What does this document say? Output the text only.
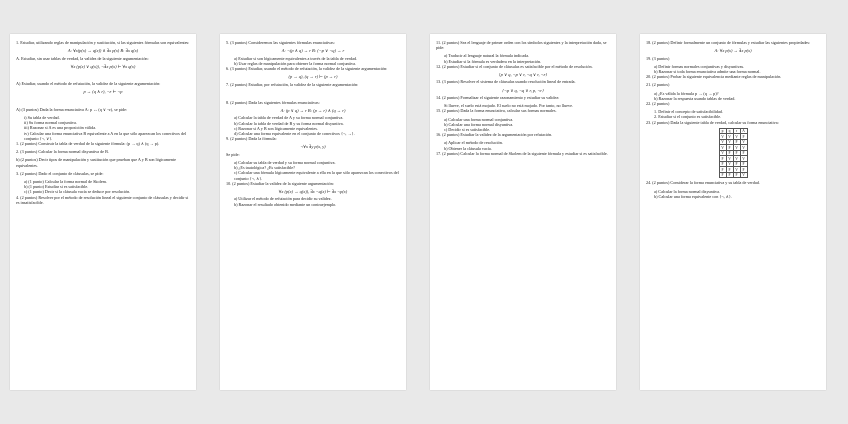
1. Estudiar, utilizando reglas de manipulación y sustitución, si las siguientes fórmulas son equivalentes:
A: ∀x(p(x) → q(x)) ∧ ∃x p(x) B: ∃x q(x)
A. Estudiar, sin usar tablas de verdad, la validez de la siguiente argumentación:
∀x (p(x) ∨ q(x)), ¬∃x p(x) ⊢ ∀x q(x)
A) Estudiar, usando el método de refutación, la validez de la siguiente argumentación:
p → (q ∧ r), ¬r ⊢ ¬p
A) (3 puntos) Dada la forma enunciativa A: p ↔ (q ∨ ¬r), se pide:
i) Su tabla de verdad.
ii) Su forma normal conjuntiva.
iii) Razonar si A es una proposición válida.
iv) Calcular una forma enunciativa B equivalente a A en la que sólo aparezcan los conectivos del conjunto {¬, ∨}.
1. (2 puntos) Construir la tabla de verdad de la siguiente fórmula: (p → q) ∧ (q → p).
2. (3 puntos) Calcular la forma normal disyuntiva de B.
b) (2 puntos) Decir tipos de manipulación y sustitución que prueban que A y B son lógicamente equivalentes.
3. (2 puntos) Dado el conjunto de cláusulas, se pide:
a) (1 punto) Calcular la forma normal de Skolem.
b) (1 punto) Estudiar si es satisfacible.
c) (1 punto) Decir si la cláusula vacía se deduce por resolución.
4. (2 puntos) Resolver por el método de resolución lineal el siguiente conjunto de cláusulas y decidir si es insatisfacible.
5. (3 puntos) Consideremos las siguientes fórmulas enunciativas:
A: ¬(p ∧ q) → r B: (¬p ∨ ¬q) → r
a) Estudiar si son lógicamente equivalentes a través de la tabla de verdad.
b) Usar reglas de manipulación para obtener la forma normal conjuntiva.
6. (3 puntos) Estudiar, usando el método de refutación, la validez de la siguiente argumentación:
(p → q), (q → r) ⊢ (p → r)
7. (2 puntos) Estudiar, por refutación, la validez de la siguiente argumentación:
8. (2 puntos) Dada las siguientes fórmulas enunciativas:
A: (p ∨ q) → r B: (p → r) ∧ (q → r)
a) Calcular la tabla de verdad de A y su forma normal conjuntiva.
b) Calcular la tabla de verdad de B y su forma normal disyuntiva.
c) Razonar si A y B son lógicamente equivalentes.
d) Calcular una forma equivalente en el conjunto de conectivos {¬, →}.
9. (2 puntos) Dada la fórmula:
¬∀x ∃y p(x, y)
Se pide:
a) Calcular su tabla de verdad y su forma normal conjuntiva.
b) ¿Es tautológica? ¿Es satisfacible?
c) Calcular una fórmula lógicamente equivalente a ella en la que sólo aparezcan los conectivos del conjunto {¬, ∧}.
10. (2 puntos) Estudiar la validez de la siguiente argumentación:
∀x (p(x) → q(x)), ∃x ¬q(x) ⊢ ∃x ¬p(x)
a) Utilizar el método de refutación para decidir su validez.
b) Razonar el resultado obtenido mediante un contraejemplo.
11. (2 puntos) Sea el lenguaje de primer orden con los símbolos siguientes y la interpretación dada, se pide:
a) Traducir al lenguaje natural la fórmula indicada.
b) Estudiar si la fórmula es verdadera en la interpretación.
12. (2 puntos) Estudiar si el conjunto de cláusulas es satisfacible por el método de resolución.
{p ∨ q, ¬p ∨ r, ¬q ∨ r, ¬r}
13. (3 puntos) Resolver el sistema de cláusulas usando resolución lineal de entrada.
{¬p ∨ q, ¬q ∨ r, p, ¬r}
14. (2 puntos) Formalizar el siguiente razonamiento y estudiar su validez:
Si llueve, el suelo está mojado. El suelo no está mojado. Por tanto, no llueve.
15. (2 puntos) Dada la forma enunciativa, calcular sus formas normales.
a) Calcular una forma normal conjuntiva.
b) Calcular una forma normal disyuntiva.
c) Decidir si es satisfacible.
16. (2 puntos) Estudiar la validez de la argumentación por refutación.
a) Aplicar el método de resolución.
b) Obtener la cláusula vacía.
17. (2 puntos) Calcular la forma normal de Skolem de la siguiente fórmula y estudiar si es satisfacible.
18. (2 puntos) Definir formalmente un conjunto de fórmulas y estudiar las siguientes propiedades:
A: ∀x p(x) → ∃x p(x)
19. (3 puntos)
a) Definir formas normales conjuntivas y disyuntivas.
b) Razonar si toda forma enunciativa admite una forma normal.
20. (2 puntos) Probar la siguiente equivalencia mediante reglas de manipulación.
21. (2 puntos)
a) ¿Es válida la fórmula p → (q → p)?
b) Razonar la respuesta usando tablas de verdad.
22. (2 puntos)
1. Definir el concepto de satisfacibilidad.
2. Estudiar si el conjunto es satisfacible.
23. (2 puntos) Dada la siguiente tabla de verdad, calcular su forma enunciativa:
p	q	r	A
V	V	V	F
V	V	F	V
V	F	V	V
V	F	F	F
F	V	V	V
F	V	F	F
F	F	V	F
F	F	F	V
24. (2 puntos) Considerar la forma enunciativa y su tabla de verdad.
a) Calcular la forma normal disyuntiva.
b) Calcular una forma equivalente con {¬, ∧}.
